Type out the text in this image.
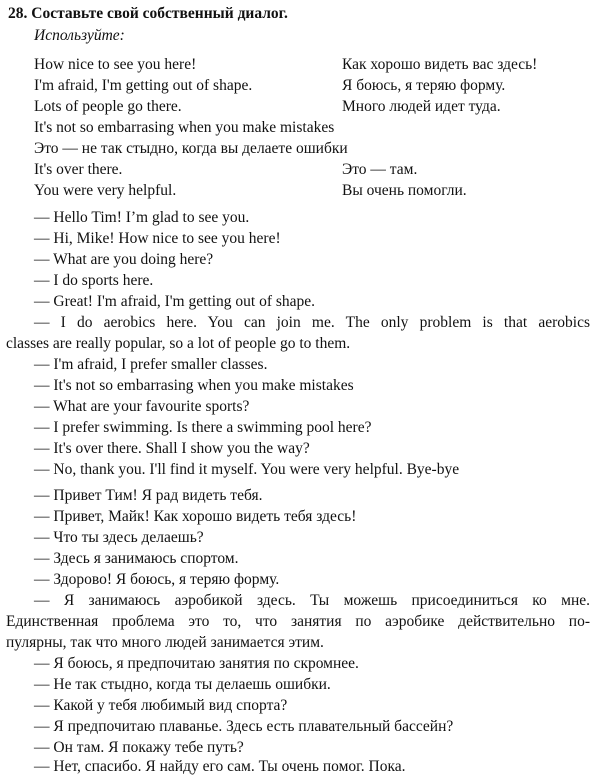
28. Составьте свой собственный диалог.
Используйте:
How nice to see you here!	Как хорошо видеть вас здесь!
I'm afraid, I'm getting out of shape.	Я боюсь, я теряю форму.
Lots of people go there.	Много людей идет туда.
It's not so embarrasing when you make mistakes
Это — не так стыдно, когда вы делаете ошибки
It's over there.	Это — там.
You were very helpful.	Вы очень помогли.
— Hello Tim! I’m glad to see you.
— Hi, Mike! How nice to see you here!
— What are you doing here?
— I do sports here.
— Great! I'm afraid, I'm getting out of shape.
— I do aerobics here. You can join me. The only problem is that aerobics
classes are really popular, so a lot of people go to them.
— I'm afraid, I prefer smaller classes.
— It's not so embarrasing when you make mistakes
— What are your favourite sports?
— I prefer swimming. Is there a swimming pool here?
— It's over there. Shall I show you the way?
— No, thank you. I'll find it myself. You were very helpful. Bye-bye
— Привет Тим! Я рад видеть тебя.
— Привет, Майк! Как хорошо видеть тебя здесь!
— Что ты здесь делаешь?
— Здесь я занимаюсь спортом.
— Здорово! Я боюсь, я теряю форму.
— Я занимаюсь аэробикой здесь. Ты можешь присоединиться ко мне.
Единственная проблема это то, что занятия по аэробике действительно по-
пулярны, так что много людей занимается этим.
— Я боюсь, я предпочитаю занятия по скромнее.
— Не так стыдно, когда ты делаешь ошибки.
— Какой у тебя любимый вид спорта?
— Я предпочитаю плаванье. Здесь есть плавательный бассейн?
— Он там. Я покажу тебе путь?
— Нет, спасибо. Я найду его сам. Ты очень помог. Пока.
